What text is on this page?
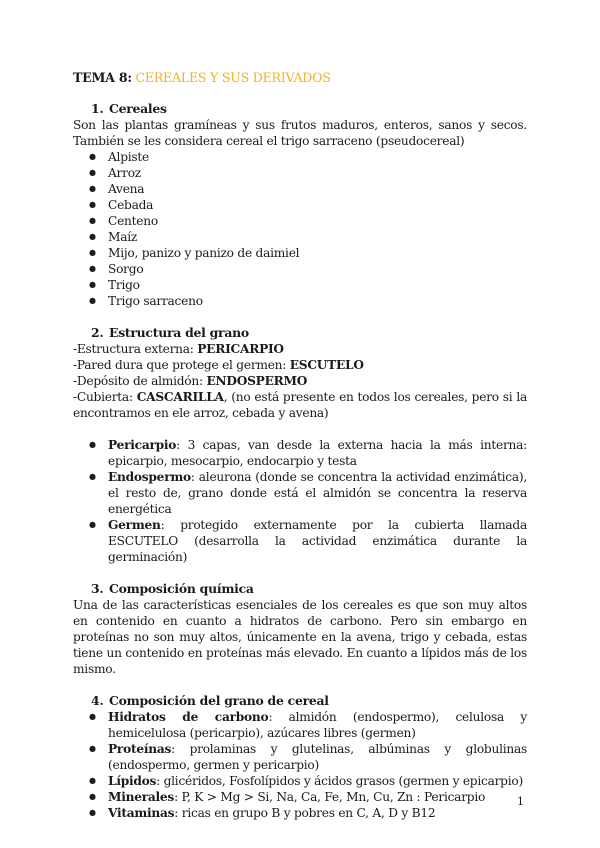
TEMA 8: CEREALES Y SUS DERIVADOS
1. Cereales

Son las plantas gramíneas y sus frutos maduros, enteros, sanos y secos. También se les considera cereal el trigo sarraceno (pseudocereal)

● Alpiste
● Arroz
● Avena
● Cebada
● Centeno
● Maíz
● Mijo, panizo y panizo de daimiel
● Sorgo
● Trigo
● Trigo sarraceno
2. Estructura del grano
-Estructura externa: PERICARPIO
-Pared dura que protege el germen: ESCUTELO
-Depósito de almidón: ENDOSPERMO

-Cubierta: CASCARILLA, (no está presente en todos los cereales, pero si la encontramos en ele arroz, cebada y avena)

● Pericarpio: 3 capas, van desde la externa hacia la más interna: epicarpio, mesocarpio, endocarpio y testa
● Endospermo: aleurona (donde se concentra la actividad enzimática), el resto de, grano donde está el almidón se concentra la reserva energética
● Germen: protegido externamente por la cubierta llamada ESCUTELO (desarrolla la actividad enzimática durante la germinación)
3. Composición química

Una de las características esenciales de los cereales es que son muy altos en contenido en cuanto a hidratos de carbono. Pero sin embargo en proteínas no son muy altos, únicamente en la avena, trigo y cebada, estas tiene un contenido en proteínas más elevado. En cuanto a lípidos más de los mismo.

4. Composición del grano de cereal
● Hidratos de carbono: almidón (endospermo), celulosa y hemicelulosa (pericarpio), azúcares libres (germen)
● Proteínas: prolaminas y glutelinas, albúminas y globulinas (endospermo, germen y pericarpio)
● Lípidos: glicéridos, Fosfolípidos y ácidos grasos (germen y epicarpio)
● Minerales: P, K > Mg > Si, Na, Ca, Fe, Mn, Cu, Zn : Pericarpio
● Vitaminas: ricas en grupo B y pobres en C, A, D y B12
1
